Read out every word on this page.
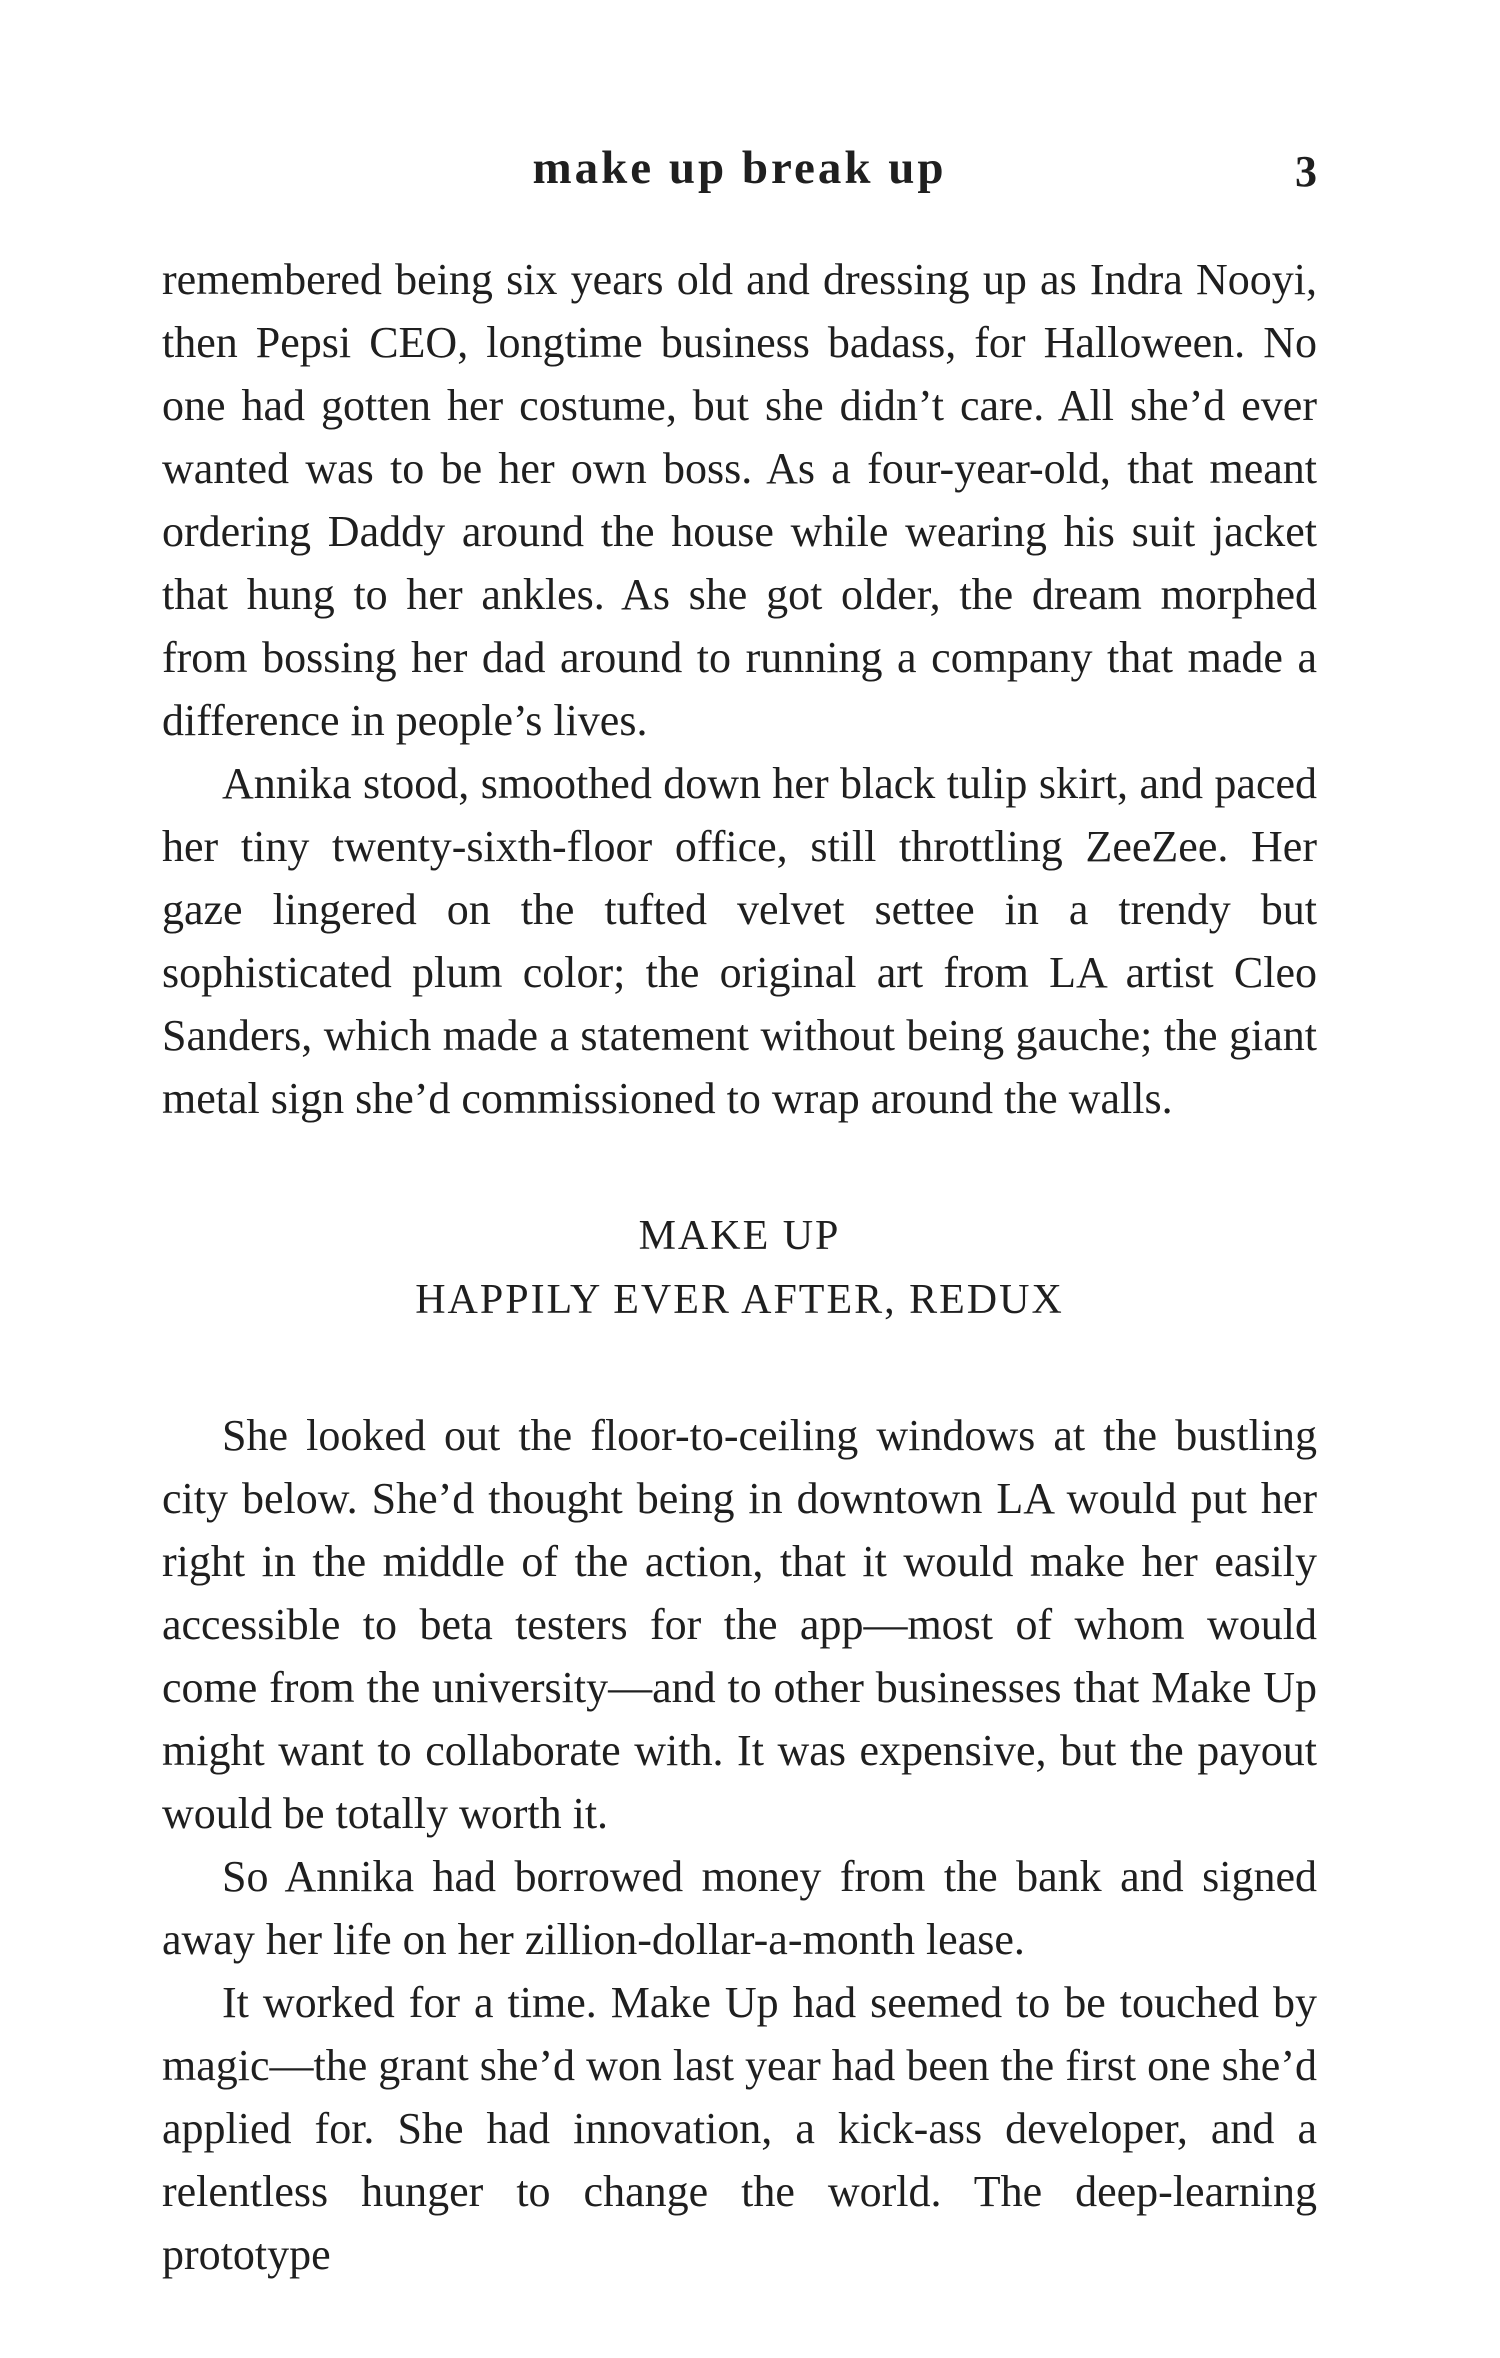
make up break up	3

remembered being six years old and dressing up as Indra Nooyi, then Pepsi CEO, longtime business badass, for Halloween. No one had gotten her costume, but she didn’t care. All she’d ever wanted was to be her own boss. As a four-year-old, that meant ordering Daddy around the house while wearing his suit jacket that hung to her ankles. As she got older, the dream morphed from bossing her dad around to running a company that made a difference in people’s lives.

Annika stood, smoothed down her black tulip skirt, and paced her tiny twenty-sixth-floor office, still throttling ZeeZee. Her gaze lingered on the tufted velvet settee in a trendy but sophisticated plum color; the original art from LA artist Cleo Sanders, which made a statement without being gauche; the giant metal sign she’d commissioned to wrap around the walls.

MAKE UP
HAPPILY EVER AFTER, REDUX

She looked out the floor-to-ceiling windows at the bustling city below. She’d thought being in downtown LA would put her right in the middle of the action, that it would make her easily accessible to beta testers for the app—most of whom would come from the university—and to other businesses that Make Up might want to collaborate with. It was expensive, but the payout would be totally worth it.

So Annika had borrowed money from the bank and signed away her life on her zillion-dollar-a-month lease.

It worked for a time. Make Up had seemed to be touched by magic—the grant she’d won last year had been the first one she’d applied for. She had innovation, a kick-ass developer, and a relentless hunger to change the world. The deep-learning prototype
